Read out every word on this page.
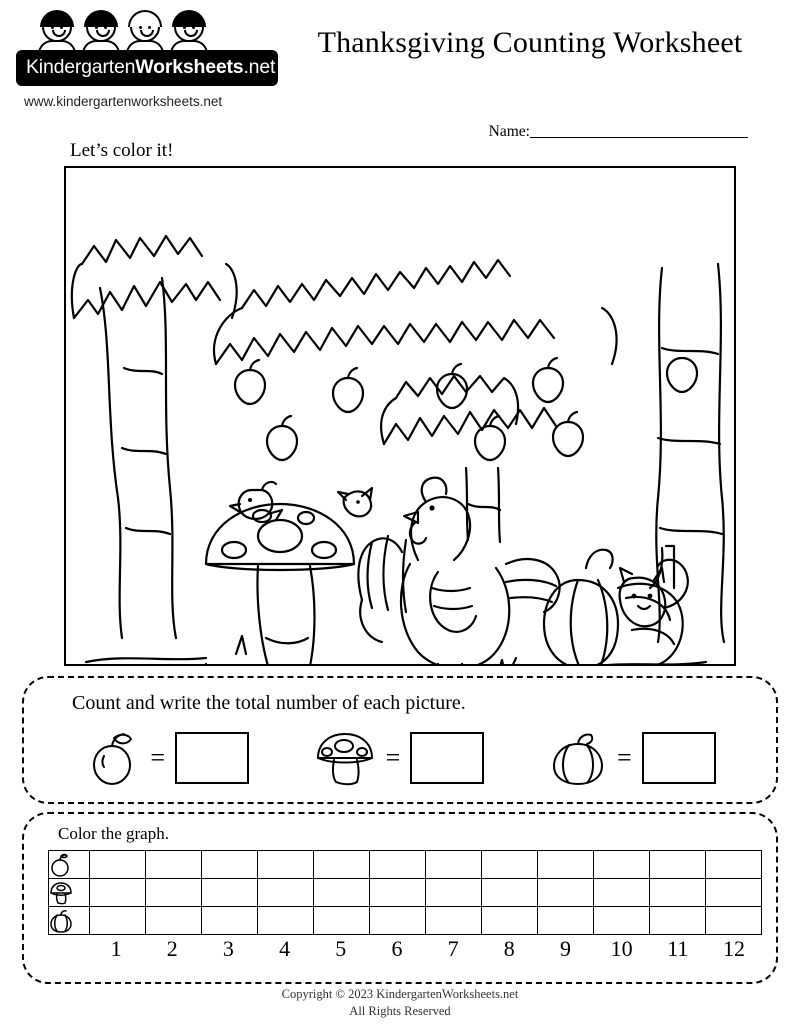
KindergartenWorksheets.net
www.kindergartenworksheets.net
Thanksgiving Counting Worksheet
Name:
Let’s color it!
Count and write the total number of each picture.
=	=	=
Color the graph.

1	2	3	4	5	6	7	8	9	10	11	12
Copyright © 2023 KindergartenWorksheets.net
All Rights Reserved
